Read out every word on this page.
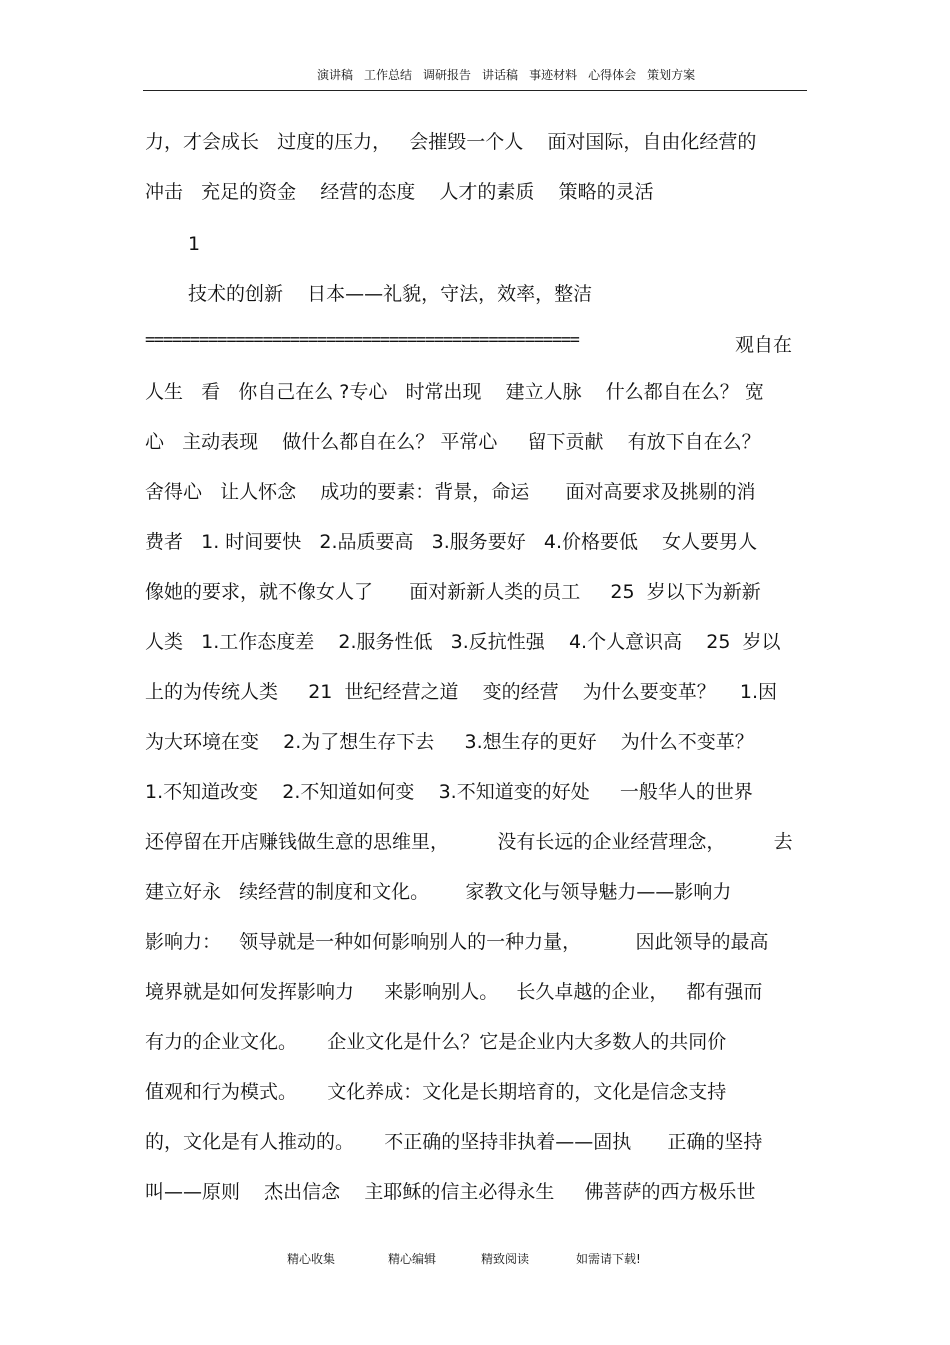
演讲稿 工作总结 调研报告 讲话稿 事迹材料 心得体会 策划方案
力，才会成长   过度的压力，   会摧毁一个人    面对国际，自由化经营的
冲击   充足的资金    经营的态度    人才的素质    策略的灵活
1
技术的创新    日本——礼貌，守法，效率，整洁
================================================	观自在
人生   看   你自己在么 ?专心   时常出现    建立人脉    什么都自在么？ 宽
心   主动表现    做什么都自在么？ 平常心     留下贡献    有放下自在么？
舍得心   让人怀念    成功的要素：背景，命运      面对高要求及挑剔的消
费者   1. 时间要快   2.品质要高   3.服务要好   4.价格要低    女人要男人
像她的要求，就不像女人了      面对新新人类的员工     25  岁以下为新新
人类   1.工作态度差    2.服务性低   3.反抗性强    4.个人意识高    25  岁以
上的为传统人类     21  世纪经营之道    变的经营    为什么要变革？    1.因
为大环境在变    2.为了想生存下去     3.想生存的更好    为什么不变革？
1.不知道改变    2.不知道如何变    3.不知道变的好处     一般华人的世界
还停留在开店赚钱做生意的思维里，        没有长远的企业经营理念，        去
建立好永   续经营的制度和文化。      家教文化与领导魅力——影响力
影响力：   领导就是一种如何影响别人的一种力量，         因此领导的最高
境界就是如何发挥影响力     来影响别人。   长久卓越的企业，   都有强而
有力的企业文化。     企业文化是什么？它是企业内大多数人的共同价
值观和行为模式。     文化养成：文化是长期培育的，文化是信念支持
的，文化是有人推动的。     不正确的坚持非执着——固执      正确的坚持
叫——原则    杰出信念    主耶稣的信主必得永生     佛菩萨的西方极乐世
精心收集	精心编辑	精致阅读	如需请下载!
